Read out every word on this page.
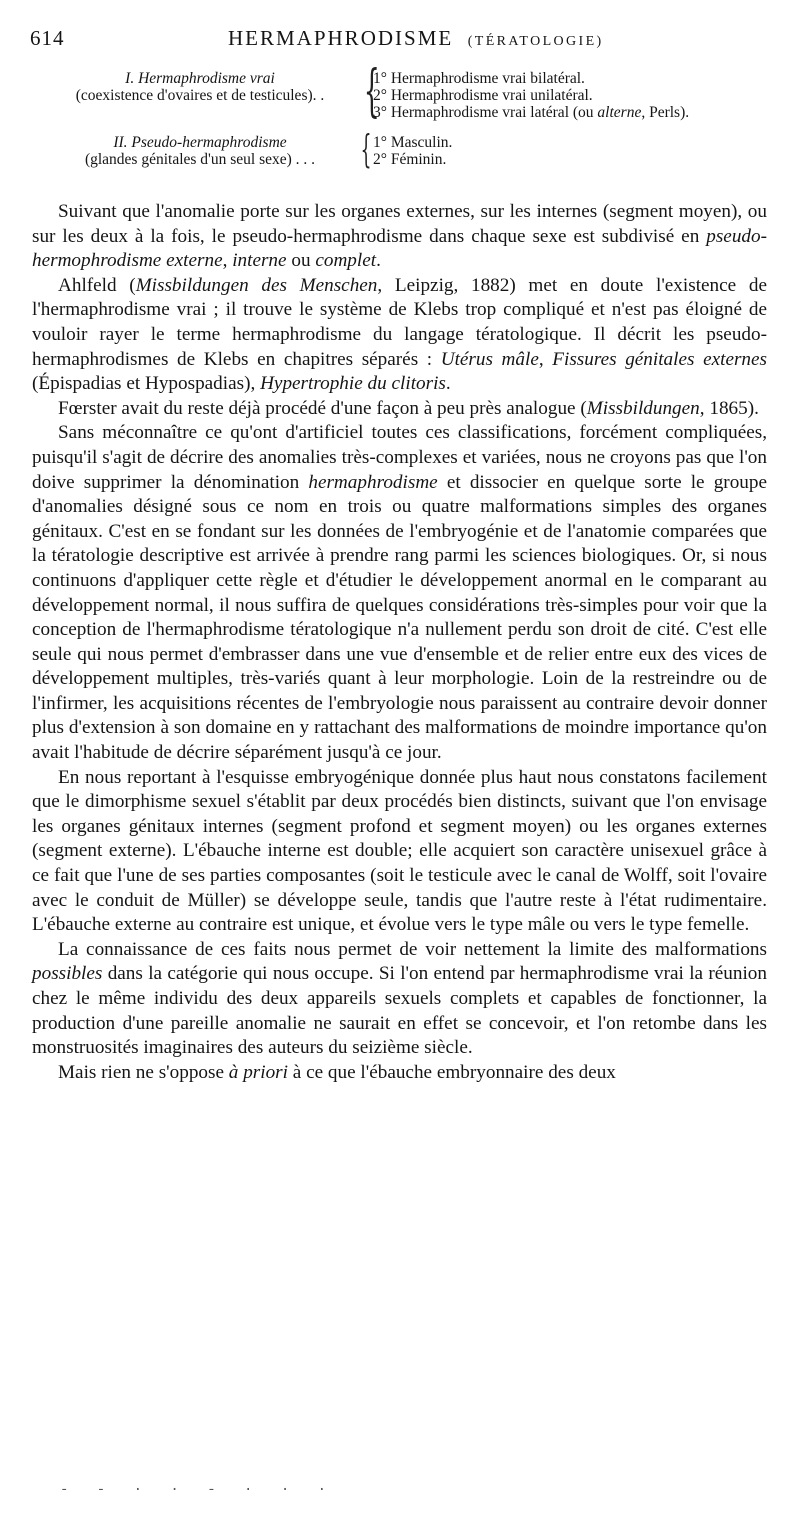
614	HERMAPHRODISME (TÉRATOLOGIE)
I. Hermaphrodisme vrai
(coexistence d'ovaires et de testicules). . {
1° Hermaphrodisme vrai bilatéral.
2° Hermaphrodisme vrai unilatéral.
3° Hermaphrodisme vrai latéral (ou alterne, Perls).
II. Pseudo-hermaphrodisme
(glandes génitales d'un seul sexe) . . .	{ 1° Masculin.
2° Féminin.

Suivant que l'anomalie porte sur les organes externes, sur les internes (segment moyen), ou sur les deux à la fois, le pseudo-hermaphrodisme dans chaque sexe est subdivisé en pseudo-hermophrodisme externe, interne ou complet.

Ahlfeld (Missbildungen des Menschen, Leipzig, 1882) met en doute l'existence de l'hermaphrodisme vrai ; il trouve le système de Klebs trop compliqué et n'est pas éloigné de vouloir rayer le terme hermaphrodisme du langage tératologique. Il décrit les pseudo-hermaphrodismes de Klebs en chapitres séparés : Utérus mâle, Fissures génitales externes (Épispadias et Hypospadias), Hypertrophie du clitoris.

Fœrster avait du reste déjà procédé d'une façon à peu près analogue (Missbildungen, 1865).

Sans méconnaître ce qu'ont d'artificiel toutes ces classifications, forcément compliquées, puisqu'il s'agit de décrire des anomalies très-complexes et variées, nous ne croyons pas que l'on doive supprimer la dénomination hermaphrodisme et dissocier en quelque sorte le groupe d'anomalies désigné sous ce nom en trois ou quatre malformations simples des organes génitaux. C'est en se fondant sur les données de l'embryogénie et de l'anatomie comparées que la tératologie descriptive est arrivée à prendre rang parmi les sciences biologiques. Or, si nous continuons d'appliquer cette règle et d'étudier le développement anormal en le comparant au développement normal, il nous suffira de quelques considérations très-simples pour voir que la conception de l'hermaphrodisme tératologique n'a nullement perdu son droit de cité. C'est elle seule qui nous permet d'embrasser dans une vue d'ensemble et de relier entre eux des vices de développement multiples, très-variés quant à leur morphologie. Loin de la restreindre ou de l'infirmer, les acquisitions récentes de l'embryologie nous paraissent au contraire devoir donner plus d'extension à son domaine en y rattachant des malformations de moindre importance qu'on avait l'habitude de décrire séparément jusqu'à ce jour.

En nous reportant à l'esquisse embryogénique donnée plus haut nous constatons facilement que le dimorphisme sexuel s'établit par deux procédés bien distincts, suivant que l'on envisage les organes génitaux internes (segment profond et segment moyen) ou les organes externes (segment externe). L'ébauche interne est double; elle acquiert son caractère unisexuel grâce à ce fait que l'une de ses parties composantes (soit le testicule avec le canal de Wolff, soit l'ovaire avec le conduit de Müller) se développe seule, tandis que l'autre reste à l'état rudimentaire. L'ébauche externe au contraire est unique, et évolue vers le type mâle ou vers le type femelle.

La connaissance de ces faits nous permet de voir nettement la limite des malformations possibles dans la catégorie qui nous occupe. Si l'on entend par hermaphrodisme vrai la réunion chez le même individu des deux appareils sexuels complets et capables de fonctionner, la production d'une pareille anomalie ne saurait en effet se concevoir, et l'on retombe dans les monstruosités imaginaires des auteurs du seizième siècle.

Mais rien ne s'oppose à priori à ce que l'ébauche embryonnaire des deux

- - · · - · · ·
